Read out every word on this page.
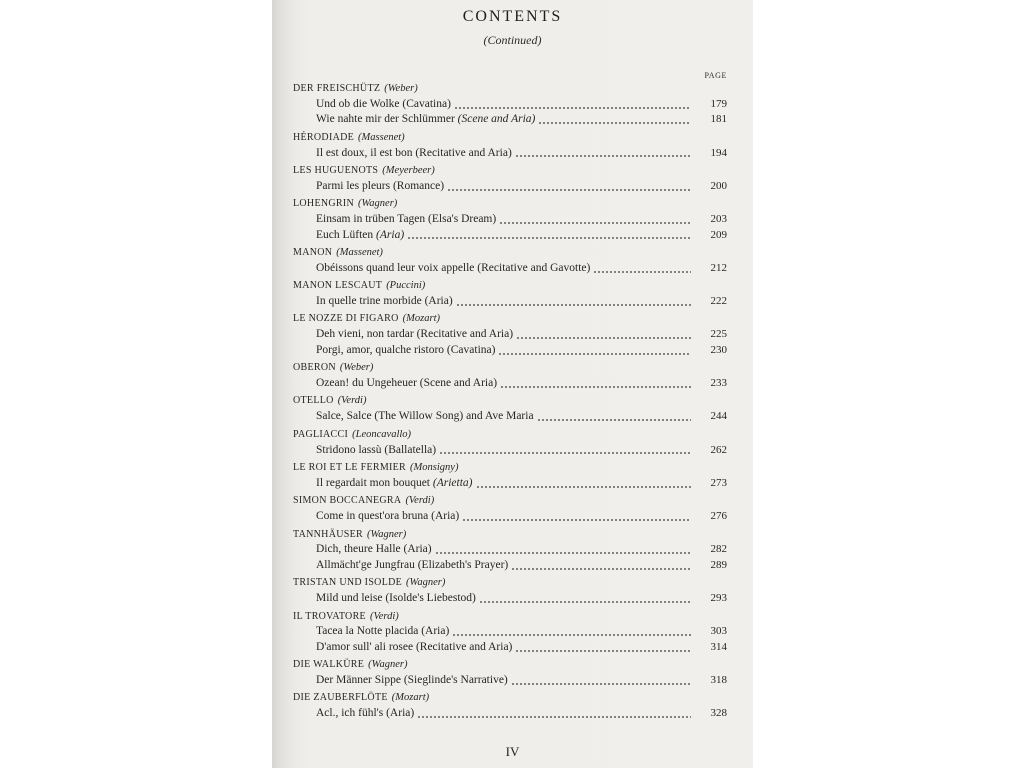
CONTENTS
(Continued)
PAGE
DER FREISCHÜTZ (Weber)
Und ob die Wolke (Cavatina)	179
Wie nahte mir der Schlümmer (Scene and Aria)	181
HÉRODIADE (Massenet)
Il est doux, il est bon (Recitative and Aria)	194
LES HUGUENOTS (Meyerbeer)
Parmi les pleurs (Romance)	200
LOHENGRIN (Wagner)
Einsam in trüben Tagen (Elsa's Dream)	203
Euch Lüften (Aria)	209
MANON (Massenet)
Obéissons quand leur voix appelle (Recitative and Gavotte)	212
MANON LESCAUT (Puccini)
In quelle trine morbide (Aria)	222
LE NOZZE DI FIGARO (Mozart)
Deh vieni, non tardar (Recitative and Aria)	225
Porgi, amor, qualche ristoro (Cavatina)	230
OBERON (Weber)
Ozean! du Ungeheuer (Scene and Aria)	233
OTELLO (Verdi)
Salce, Salce (The Willow Song) and Ave Maria	244
PAGLIACCI (Leoncavallo)
Stridono lassù (Ballatella)	262
LE ROI ET LE FERMIER (Monsigny)
Il regardait mon bouquet (Arietta)	273
SIMON BOCCANEGRA (Verdi)
Come in quest'ora bruna (Aria)	276
TANNHÄUSER (Wagner)
Dich, theure Halle (Aria)	282
Allmächt'ge Jungfrau (Elizabeth's Prayer)	289
TRISTAN UND ISOLDE (Wagner)
Mild und leise (Isolde's Liebestod)	293
IL TROVATORE (Verdi)
Tacea la Notte placida (Aria)	303
D'amor sull' ali rosee (Recitative and Aria)	314
DIE WALKÜRE (Wagner)
Der Männer Sippe (Sieglinde's Narrative)	318
DIE ZAUBERFLÖTE (Mozart)
Acl., ich fühl's (Aria)	328
IV
